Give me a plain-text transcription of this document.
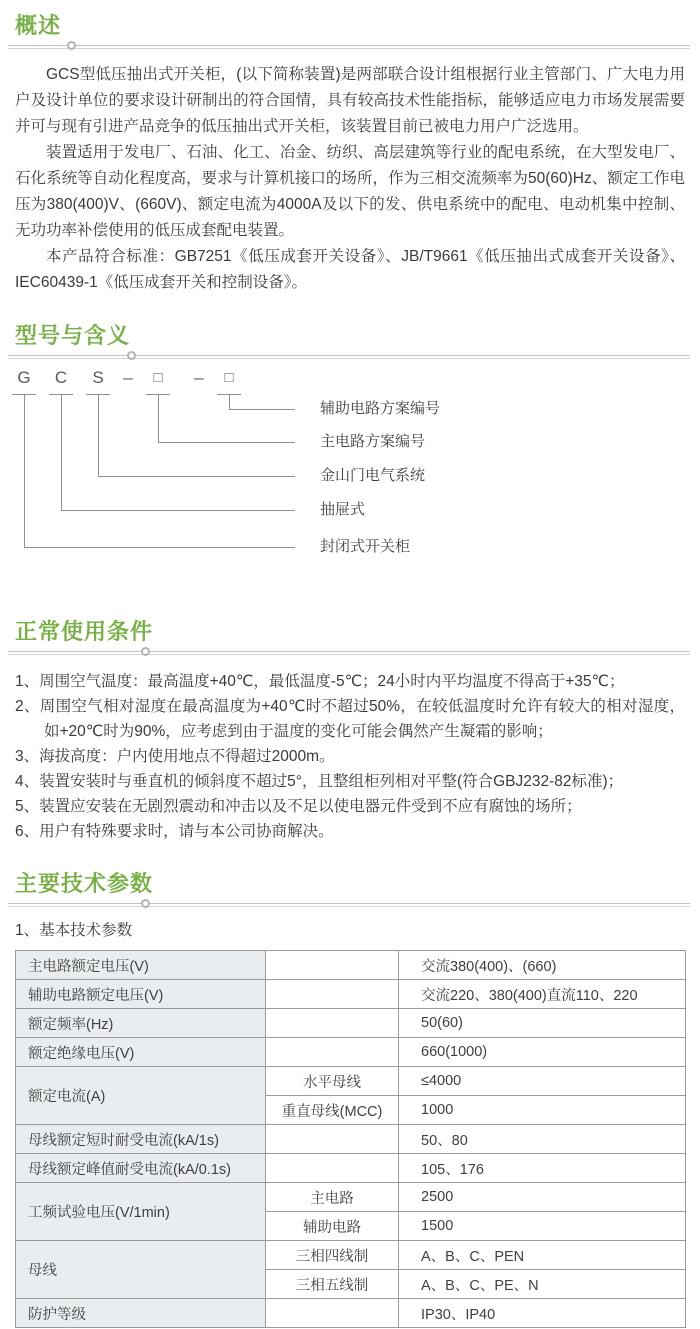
概述

GCS型低压抽出式开关柜，(以下简称装置)是两部联合设计组根据行业主管部门、广大电力用户及设计单位的要求设计研制出的符合国情，具有较高技术性能指标，能够适应电力市场发展需要并可与现有引进产品竞争的低压抽出式开关柜，该装置目前已被电力用户广泛选用。

装置适用于发电厂、石油、化工、冶金、纺织、高层建筑等行业的配电系统，在大型发电厂、石化系统等自动化程度高，要求与计算机接口的场所，作为三相交流频率为50(60)Hz、额定工作电压为380(400)V、(660V)、额定电流为4000A及以下的发、供电系统中的配电、电动机集中控制、无功功率补偿使用的低压成套配电装置。

本产品符合标准：GB7251《低压成套开关设备》、JB/T9661《低压抽出式成套开关设备》、IEC60439-1《低压成套开关和控制设备》。

型号与含义
G C S – □ – □
辅助电路方案编号
主电路方案编号
金山门电气系统
抽屉式
封闭式开关柜
正常使用条件
1、周围空气温度：最高温度+40℃，最低温度-5℃；24小时内平均温度不得高于+35℃；
2、周围空气相对湿度在最高温度为+40℃时不超过50%，在较低温度时允许有较大的相对湿度，如+20℃时为90%，应考虑到由于温度的变化可能会偶然产生凝霜的影响；
3、海拔高度：户内使用地点不得超过2000m。
4、装置安装时与垂直机的倾斜度不超过5°，且整组柜列相对平整(符合GBJ232-82标准)；
5、装置应安装在无剧烈震动和冲击以及不足以使电器元件受到不应有腐蚀的场所；
6、用户有特殊要求时，请与本公司协商解决。
主要技术参数
1、基本技术参数
主电路额定电压(V)		交流380(400)、(660)
辅助电路额定电压(V)		交流220、380(400)直流110、220
额定频率(Hz)		50(60)
额定绝缘电压(V)		660(1000)
额定电流(A)	水平母线	≤4000
	重直母线(MCC)	1000
母线额定短时耐受电流(kA/1s)		50、80
母线额定峰值耐受电流(kA/0.1s)		105、176
工频试验电压(V/1min)	主电路	2500
	辅助电路	1500
母线	三相四线制	A、B、C、PEN
	三相五线制	A、B、C、PE、N
防护等级		IP30、IP40
